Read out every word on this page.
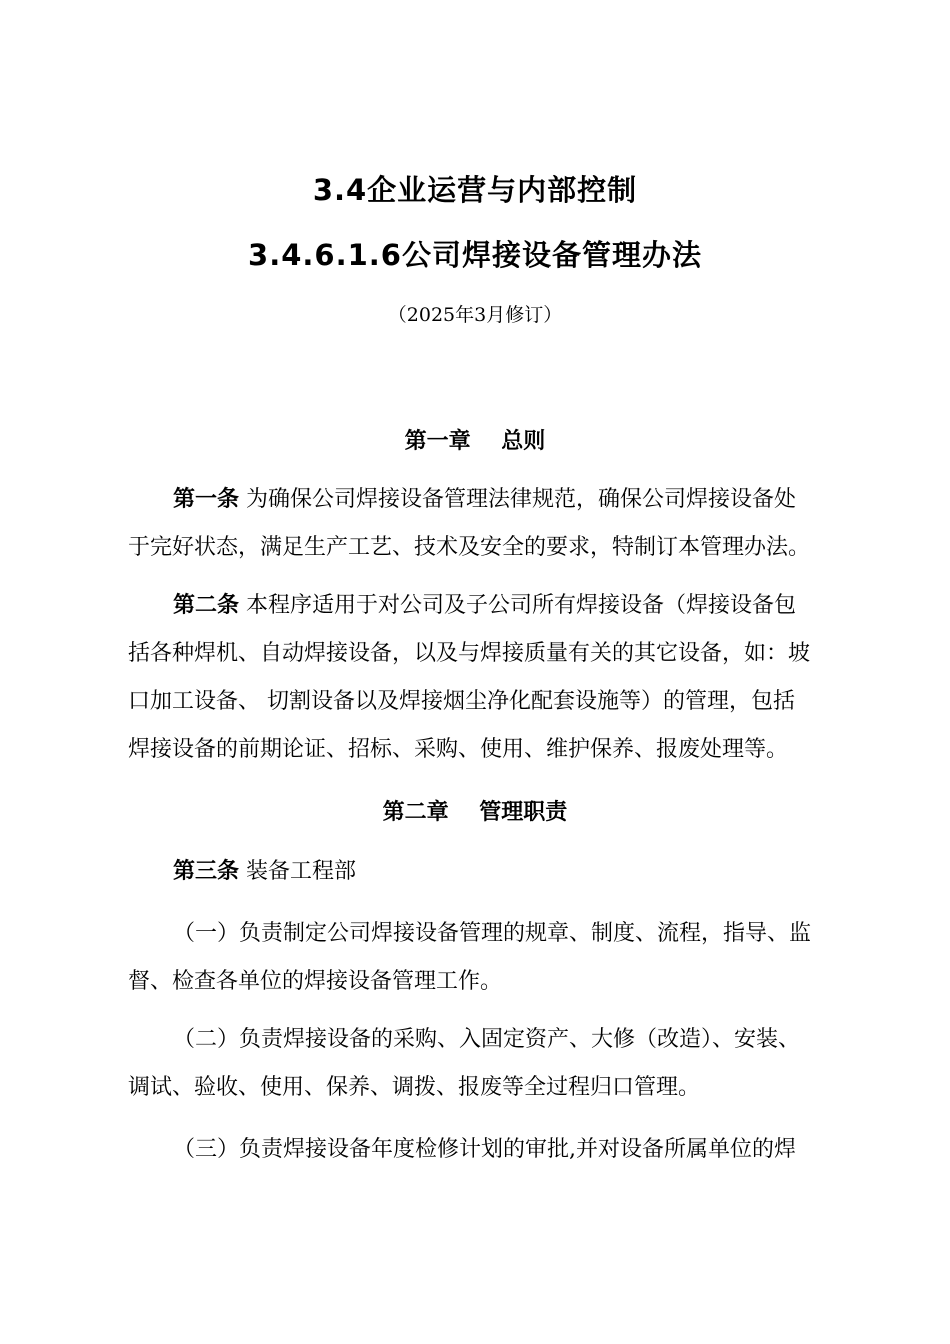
3.4企业运营与内部控制
3.4.6.1.6公司焊接设备管理办法
（2025年3月修订）
第一章    总则
第一条 为确保公司焊接设备管理法律规范，确保公司焊接设备处
于完好状态，满足生产工艺、技术及安全的要求，特制订本管理办法。
第二条 本程序适用于对公司及子公司所有焊接设备（焊接设备包
括各种焊机、自动焊接设备，以及与焊接质量有关的其它设备，如：坡
口加工设备、 切割设备以及焊接烟尘净化配套设施等）的管理，包括
焊接设备的前期论证、招标、采购、使用、维护保养、报废处理等。
第二章    管理职责
第三条 装备工程部
（一）负责制定公司焊接设备管理的规章、制度、流程，指导、监
督、检查各单位的焊接设备管理工作。
（二）负责焊接设备的采购、入固定资产、大修（改造）、安装、
调试、验收、使用、保养、调拨、报废等全过程归口管理。
（三）负责焊接设备年度检修计划的审批,并对设备所属单位的焊
